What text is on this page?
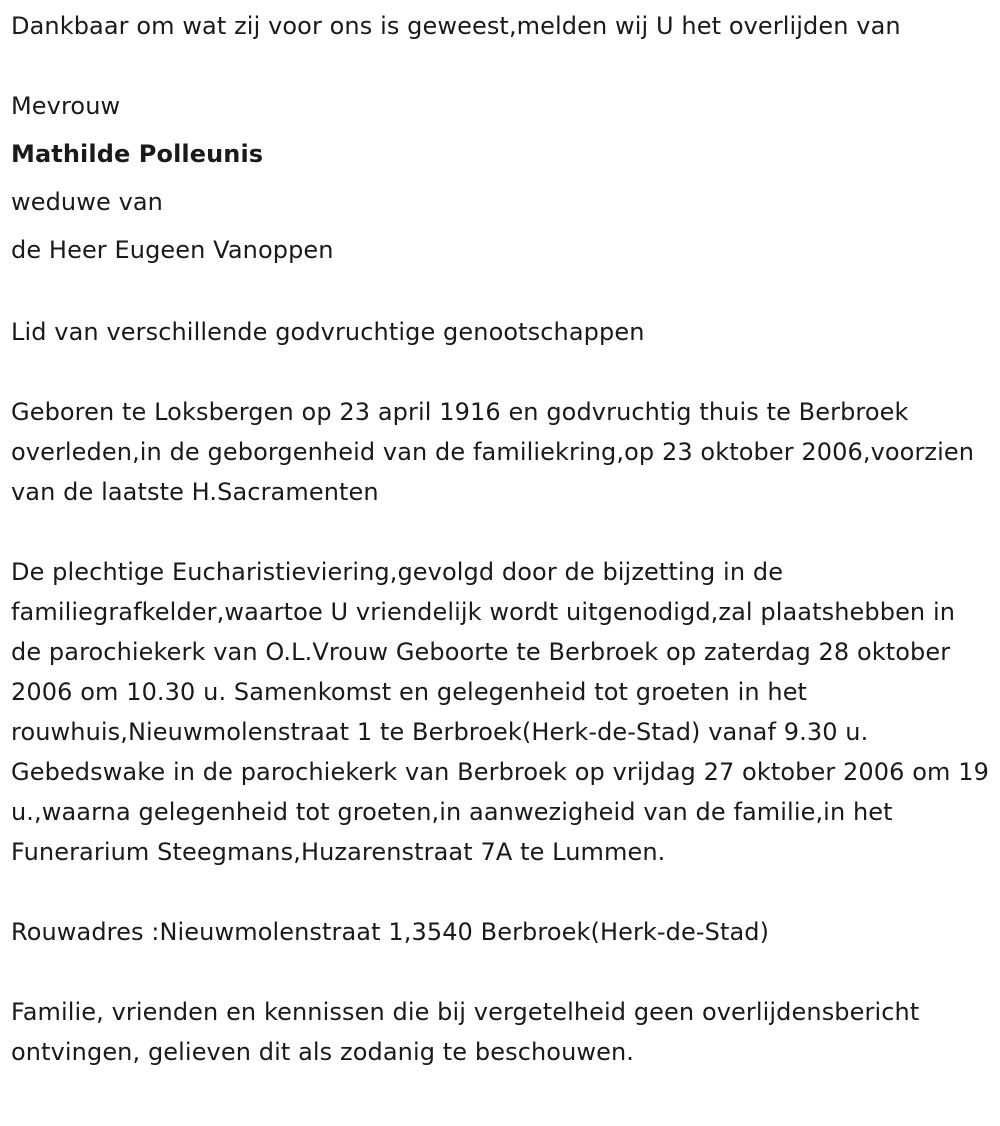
Dankbaar om wat zij voor ons is geweest,melden wij U het overlijden van

Mevrouw

Mathilde Polleunis

weduwe van

de Heer Eugeen Vanoppen

Lid van verschillende godvruchtige genootschappen

Geboren te Loksbergen op 23 april 1916 en godvruchtig thuis te Berbroek overleden,in de geborgenheid van de familiekring,op 23 oktober 2006,voorzien van de laatste H.Sacramenten

De plechtige Eucharistieviering,gevolgd door de bijzetting in de familiegrafkelder,waartoe U vriendelijk wordt uitgenodigd,zal plaatshebben in de parochiekerk van O.L.Vrouw Geboorte te Berbroek op zaterdag 28 oktober 2006 om 10.30 u. Samenkomst en gelegenheid tot groeten in het rouwhuis,Nieuwmolenstraat 1 te Berbroek(Herk-de-Stad) vanaf 9.30 u. Gebedswake in de parochiekerk van Berbroek op vrijdag 27 oktober 2006 om 19 u.,waarna gelegenheid tot groeten,in aanwezigheid van de familie,in het Funerarium Steegmans,Huzarenstraat 7A te Lummen.

Rouwadres :Nieuwmolenstraat 1,3540 Berbroek(Herk-de-Stad)

Familie, vrienden en kennissen die bij vergetelheid geen overlijdensbericht ontvingen, gelieven dit als zodanig te beschouwen.
